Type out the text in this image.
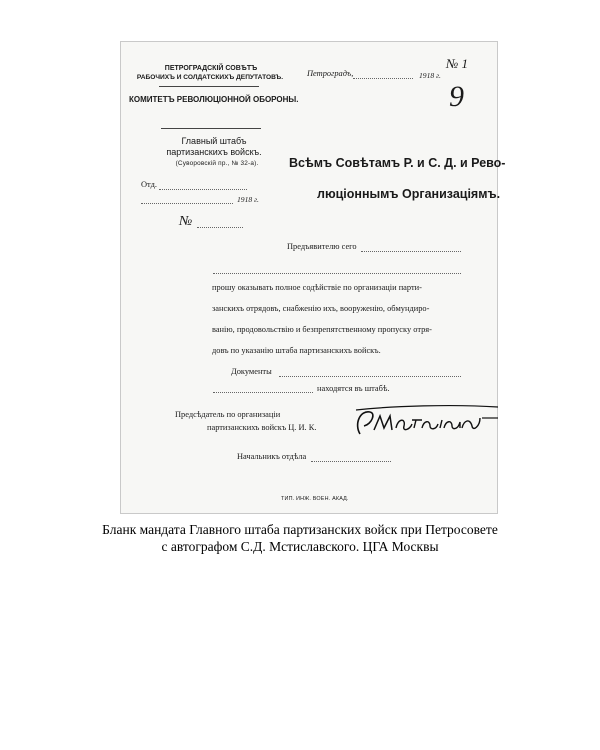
ПЕТРОГРАДСКІЙ СОВѢТЪ
РАБОЧИХЪ И СОЛДАТСКИХЪ ДЕПУТАТОВЪ.
КОМИТЕТЪ РЕВОЛЮЦІОННОЙ ОБОРОНЫ.
Главный штабъ
партизанскихъ войскъ.
(Суворовскій пр., № 32-а).
Отд.
1918 г.
№
Петроградъ,	1918 г.
№ 1
9
Всѣмъ Совѣтамъ Р. и С. Д. и Рево-
люціоннымъ Организаціямъ.
Предъявителю сего
прошу оказывать полное содѣйствіе по организаціи парти-
занскихъ отрядовъ, снабженію ихъ, вооруженію, обмундиро-
ванію, продовольствію и безпрепятственному пропуску отря-
довъ по указанію штаба партизанскихъ войскъ.
Документы
находятся въ штабѣ.
Предсѣдатель по организаціи
партизанскихъ войскъ Ц. И. К.
Начальникъ отдѣла
ТИП. ИНЖ. ВОЕН. АКАД.
Бланк мандата Главного штаба партизанских войск при Петросовете
с автографом С.Д. Мстиславского. ЦГА Москвы
